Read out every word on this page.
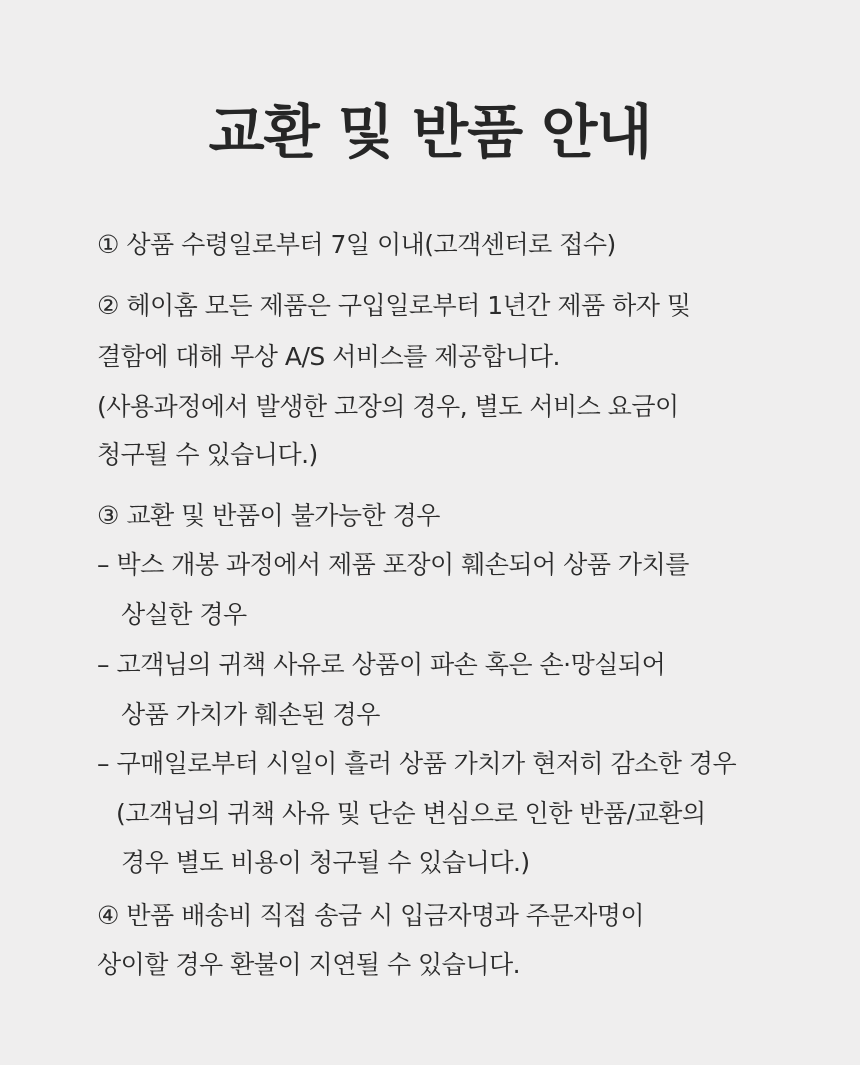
교환 및 반품 안내
① 상품 수령일로부터 7일 이내(고객센터로 접수)
② 헤이홈 모든 제품은 구입일로부터 1년간 제품 하자 및
결함에 대해 무상 A/S 서비스를 제공합니다.
(사용과정에서 발생한 고장의 경우, 별도 서비스 요금이
청구될 수 있습니다.)
③ 교환 및 반품이 불가능한 경우
– 박스 개봉 과정에서 제품 포장이 훼손되어 상품 가치를
상실한 경우
– 고객님의 귀책 사유로 상품이 파손 혹은 손·망실되어
상품 가치가 훼손된 경우
– 구매일로부터 시일이 흘러 상품 가치가 현저히 감소한 경우
(고객님의 귀책 사유 및 단순 변심으로 인한 반품/교환의
경우 별도 비용이 청구될 수 있습니다.)
④ 반품 배송비 직접 송금 시 입금자명과 주문자명이
상이할 경우 환불이 지연될 수 있습니다.
